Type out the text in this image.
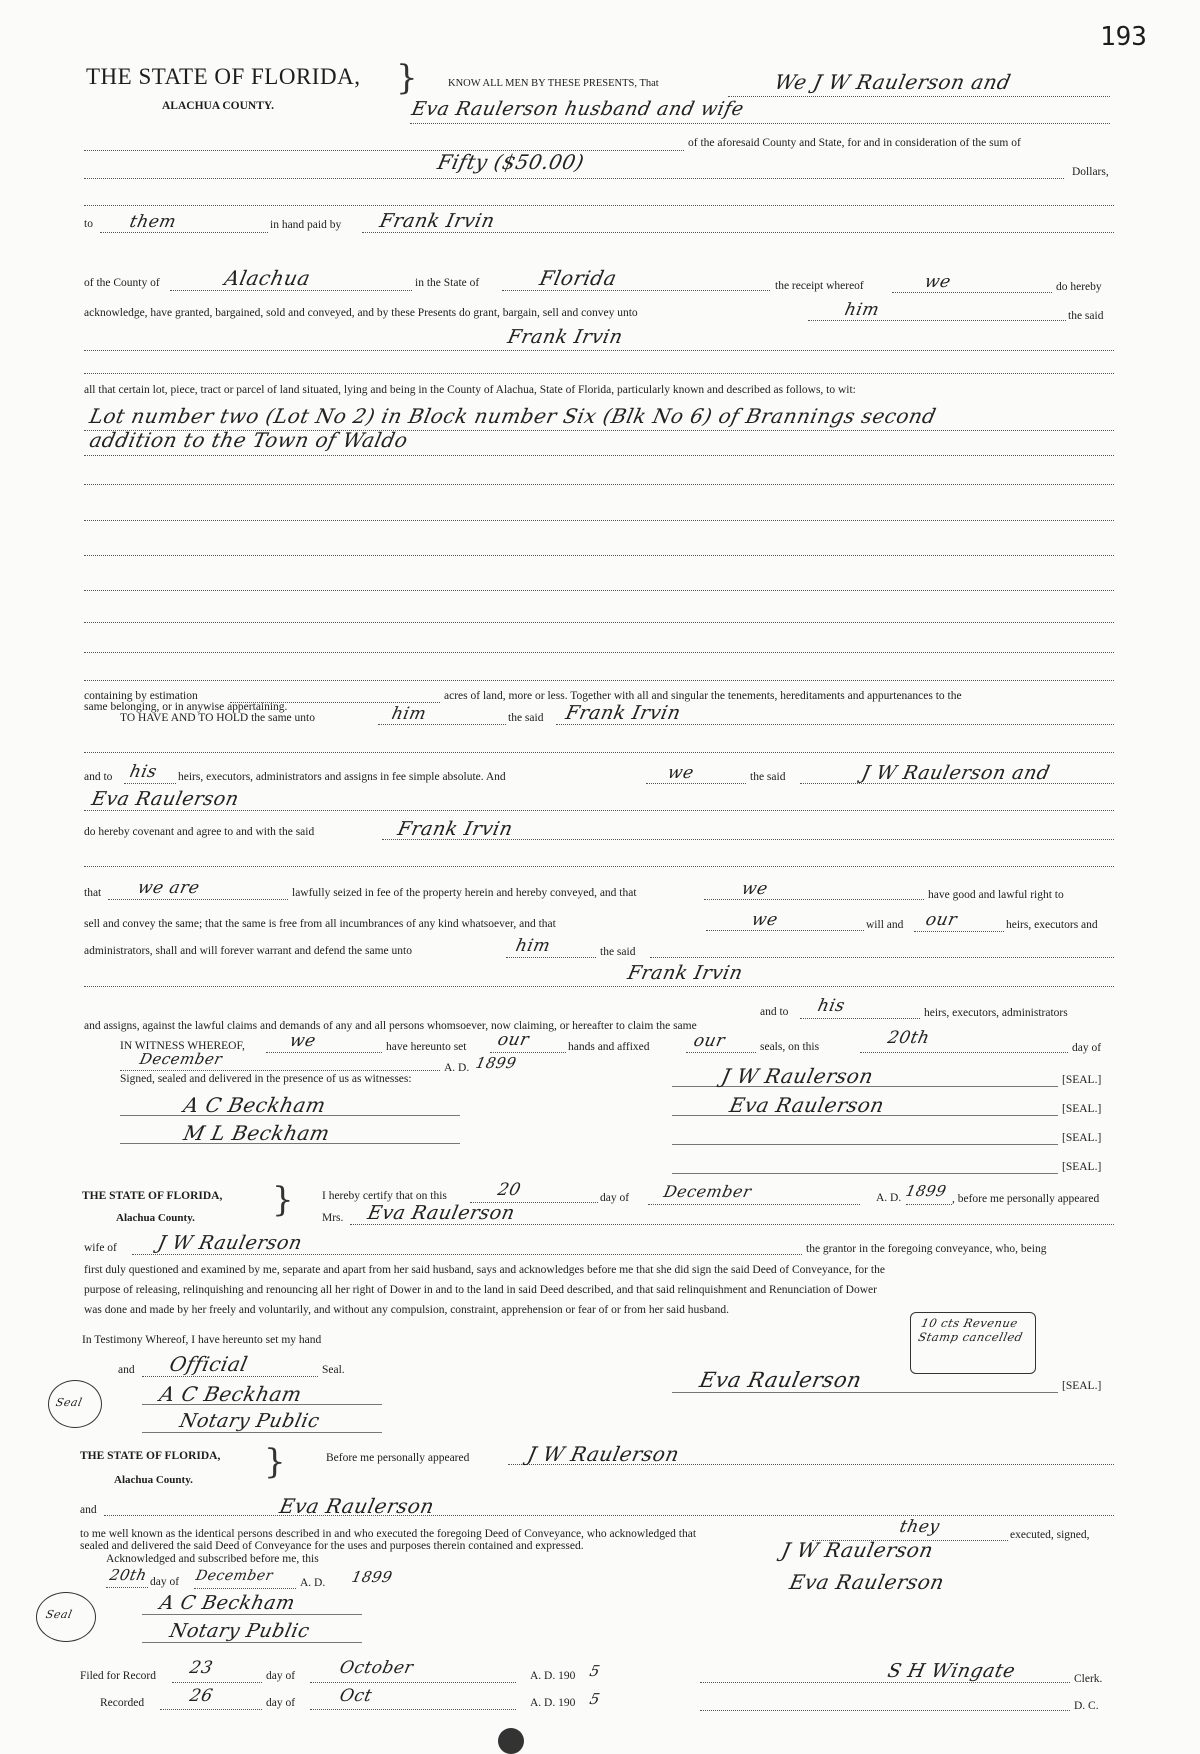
193
THE STATE OF FLORIDA,
ALACHUA COUNTY.
}	KNOW ALL MEN BY THESE PRESENTS, That	We J W Raulerson and
Eva Raulerson husband and wife
of the aforesaid County and State, for and in consideration of the sum of
Fifty ($50.00)	Dollars,
to them	in hand paid by Frank Irvin
of the County of	Alachua	in the State of	Florida	the receipt whereof	we	do hereby
acknowledge, have granted, bargained, sold and conveyed, and by these Presents do grant, bargain, sell and convey unto	him	the said
Frank Irvin
all that certain lot, piece, tract or parcel of land situated, lying and being in the County of Alachua, State of Florida, particularly known and described as follows, to wit:
Lot number two (Lot No 2) in Block number Six (Blk No 6) of Brannings second
addition to the Town of Waldo
containing by estimation	acres of land, more or less. Together with all and singular the tenements, hereditaments and appurtenances to the
same belonging, or in anywise appertaining.
TO HAVE AND TO HOLD the same unto	him	the said Frank Irvin
and to his heirs, executors, administrators and assigns in fee simple absolute. And	we	the said	J W Raulerson and
Eva Raulerson
do hereby covenant and agree to and with the said	Frank Irvin
that we are	lawfully seized in fee of the property herein and hereby conveyed, and that	we	have good and lawful right to
sell and convey the same; that the same is free from all incumbrances of any kind whatsoever, and that	we	will and our	heirs, executors and
administrators, shall and will forever warrant and defend the same unto	him	the said
Frank Irvin
and to his	heirs, executors, administrators
and assigns, against the lawful claims and demands of any and all persons whomsoever, now claiming, or hereafter to claim the same
IN WITNESS WHEREOF,	we	have hereunto set our	hands and affixed our	seals, on this	20th	day of
December	A. D. 1899
Signed, sealed and delivered in the presence of us as witnesses:	J W Raulerson	[SEAL.]
A C Beckham	Eva Raulerson	[SEAL.]
M L Beckham	[SEAL.]
[SEAL.]
THE STATE OF FLORIDA,
Alachua County. } I hereby certify that on this	20	day of December	A. D. 1899 , before me personally appeared
Mrs. Eva Raulerson
wife of J W Raulerson	the grantor in the foregoing conveyance, who, being
first duly questioned and examined by me, separate and apart from her said husband, says and acknowledges before me that she did sign the said Deed of Conveyance, for the
purpose of releasing, relinquishing and renouncing all her right of Dower in and to the land in said Deed described, and that said relinquishment and Renunciation of Dower
was done and made by her freely and voluntarily, and without any compulsion, constraint, apprehension or fear of or from her said husband.
10 cts Revenue Stamp cancelled
In Testimony Whereof, I have hereunto set my hand
and Official	Seal.
A C Beckham
Notary Public
Seal
Eva Raulerson	[SEAL.]
THE STATE OF FLORIDA,
Alachua County. }	Before me personally appeared	J W Raulerson
and	Eva Raulerson
to me well known as the identical persons described in and who executed the foregoing Deed of Conveyance, who acknowledged that	they	executed, signed,
sealed and delivered the said Deed of Conveyance for the uses and purposes therein contained and expressed.
Acknowledged and subscribed before me, this
20th day of December A. D. 1899
A C Beckham
Notary Public
Seal
J W Raulerson
Eva Raulerson
Filed for Record 23	day of	October	A. D. 190 5
Recorded	26	day of	Oct	A. D. 190 5
S H Wingate	Clerk.
D. C.
